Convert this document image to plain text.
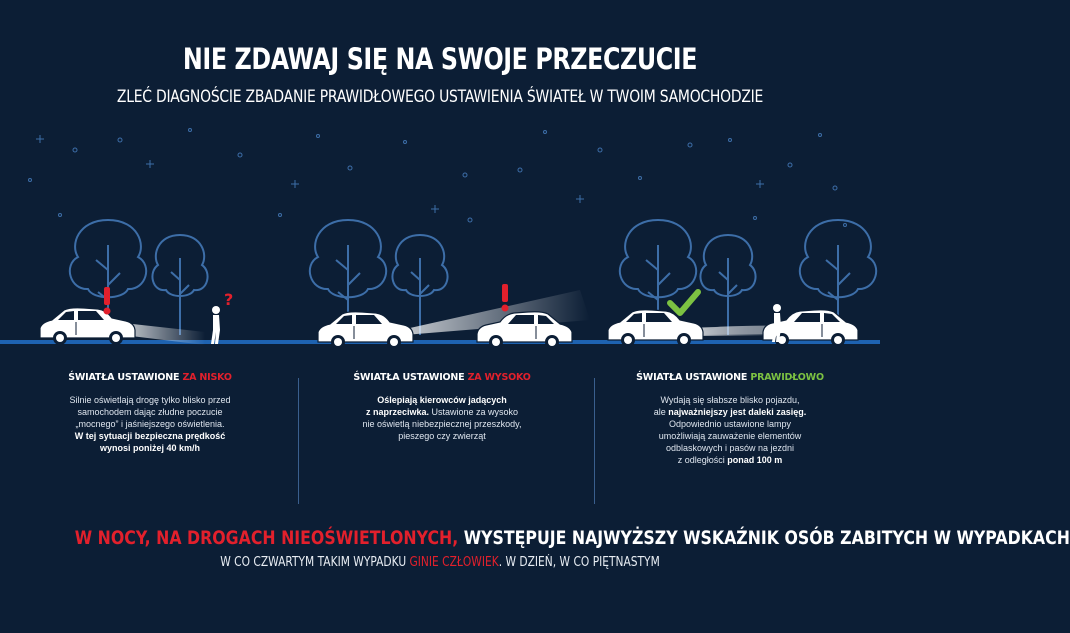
NIE ZDAWAJ SIĘ NA SWOJE PRZECZUCIE
ZLEĆ DIAGNOŚCIE ZBADANIE PRAWIDŁOWEGO USTAWIENIA ŚWIATEŁ W TWOIM SAMOCHODZIE
?
ŚWIATŁA USTAWIONE ZA NISKO
Silnie oświetlają drogę tylko blisko przed
samochodem dając złudne poczucie
„mocnego” i jaśniejszego oświetlenia.
W tej sytuacji bezpieczna prędkość
wynosi poniżej 40 km/h
ŚWIATŁA USTAWIONE ZA WYSOKO
Oślepiają kierowców jadących
z naprzeciwka. Ustawione za wysoko
nie oświetlą niebezpiecznej przeszkody,
pieszego czy zwierząt
ŚWIATŁA USTAWIONE PRAWIDŁOWO
Wydają się słabsze blisko pojazdu,
ale najważniejszy jest daleki zasięg.
Odpowiednio ustawione lampy
umożliwiają zauważenie elementów
odblaskowych i pasów na jezdni
z odległości ponad 100 m
W NOCY, NA DROGACH NIEOŚWIETLONYCH, WYSTĘPUJE NAJWYŻSZY WSKAŹNIK OSÓB ZABITYCH W WYPADKACH
W CO CZWARTYM TAKIM WYPADKU GINIE CZŁOWIEK. W DZIEŃ, W CO PIĘTNASTYM
